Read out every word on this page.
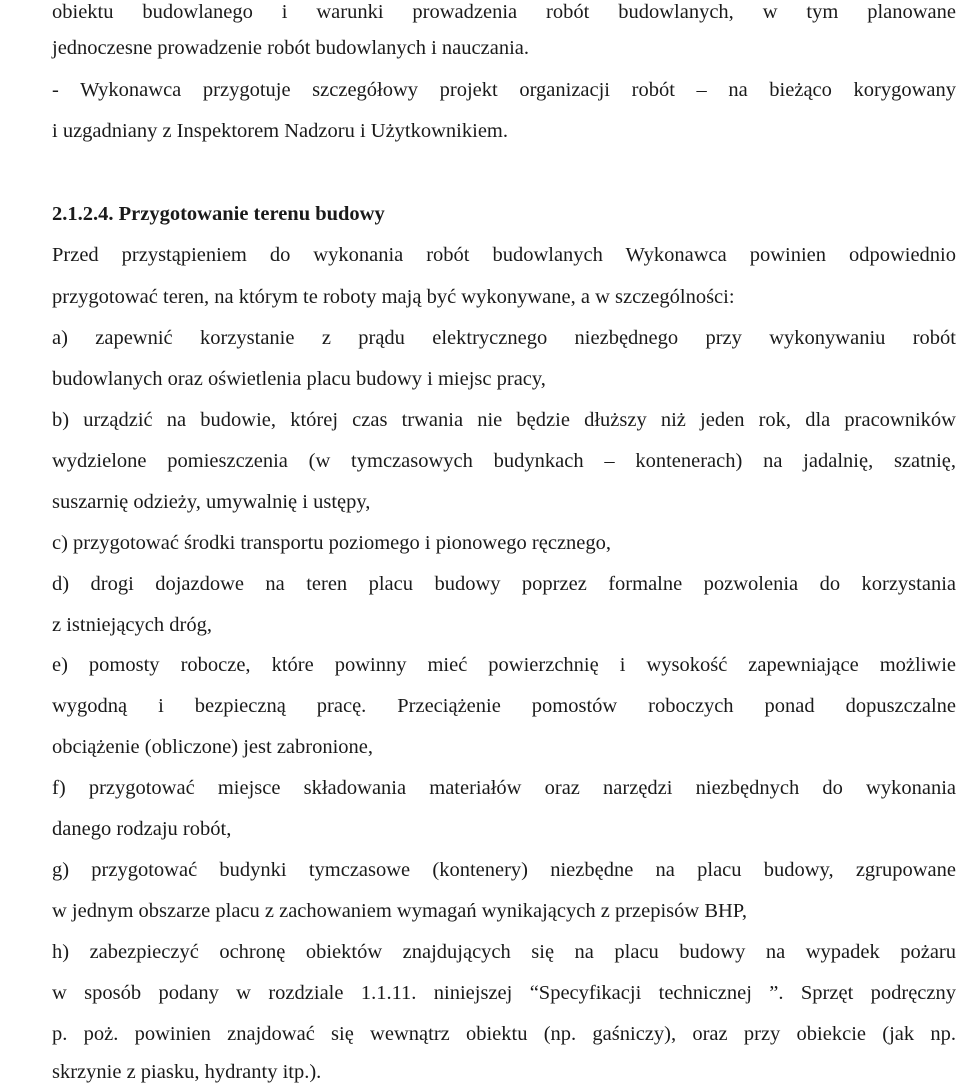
obiektu budowlanego i warunki prowadzenia robót budowlanych, w tym planowane
jednoczesne prowadzenie robót budowlanych i nauczania.
- Wykonawca przygotuje szczegółowy projekt organizacji robót – na bieżąco korygowany
i uzgadniany z Inspektorem Nadzoru i Użytkownikiem.
2.1.2.4. Przygotowanie terenu budowy
Przed przystąpieniem do wykonania robót budowlanych Wykonawca powinien odpowiednio
przygotować teren, na którym te roboty mają być wykonywane, a w szczególności:
a) zapewnić korzystanie z prądu elektrycznego niezbędnego przy wykonywaniu robót
budowlanych oraz oświetlenia placu budowy i miejsc pracy,
b) urządzić na budowie, której czas trwania nie będzie dłuższy niż jeden rok, dla pracowników
wydzielone pomieszczenia (w tymczasowych budynkach – kontenerach) na jadalnię, szatnię,
suszarnię odzieży, umywalnię i ustępy,
c) przygotować środki transportu poziomego i pionowego ręcznego,
d) drogi dojazdowe na teren placu budowy poprzez formalne pozwolenia do korzystania
z istniejących dróg,
e) pomosty robocze, które powinny mieć powierzchnię i wysokość zapewniające możliwie
wygodną i bezpieczną pracę. Przeciążenie pomostów roboczych ponad dopuszczalne
obciążenie (obliczone) jest zabronione,
f) przygotować miejsce składowania materiałów oraz narzędzi niezbędnych do wykonania
danego rodzaju robót,
g) przygotować budynki tymczasowe (kontenery) niezbędne na placu budowy, zgrupowane
w jednym obszarze placu z zachowaniem wymagań wynikających z przepisów BHP,
h) zabezpieczyć ochronę obiektów znajdujących się na placu budowy na wypadek pożaru
w sposób podany w rozdziale 1.1.11. niniejszej “Specyfikacji technicznej ”. Sprzęt podręczny
p. poż. powinien znajdować się wewnątrz obiektu (np. gaśniczy), oraz przy obiekcie (jak np.
skrzynie z piasku, hydranty itp.).
